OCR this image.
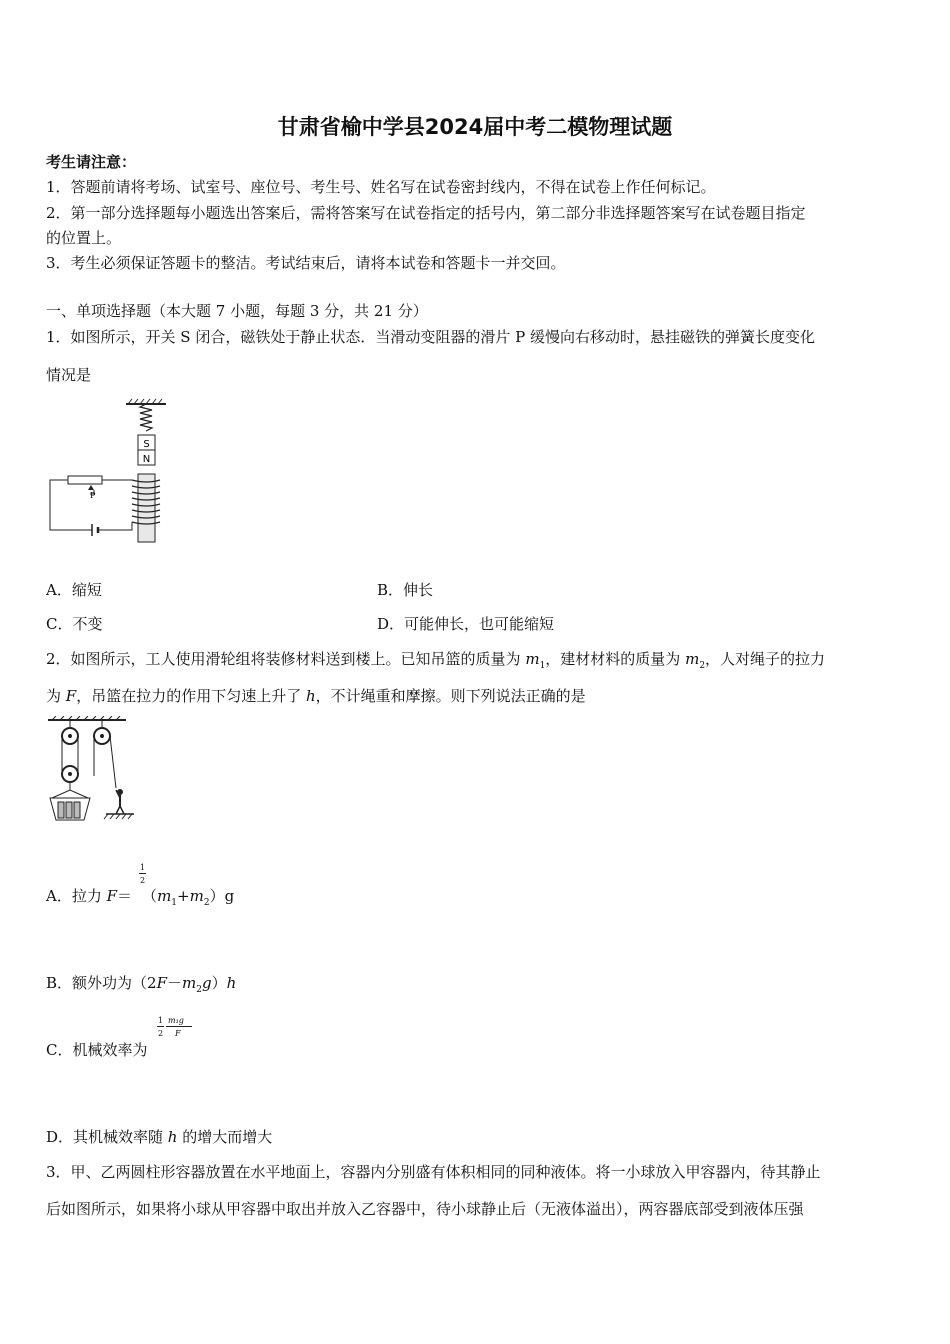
甘肃省榆中学县2024届中考二模物理试题
考生请注意：
1．答题前请将考场、试室号、座位号、考生号、姓名写在试卷密封线内，不得在试卷上作任何标记。
2．第一部分选择题每小题选出答案后，需将答案写在试卷指定的括号内，第二部分非选择题答案写在试卷题目指定
的位置上。
3．考生必须保证答题卡的整洁。考试结束后，请将本试卷和答题卡一并交回。
一、单项选择题（本大题 7 小题，每题 3 分，共 21 分）
1．如图所示，开关 S 闭合，磁铁处于静止状态．当滑动变阻器的滑片 P 缓慢向右移动时，悬挂磁铁的弹簧长度变化
情况是
S
N
P
A．缩短	B．伸长
C．不变	D．可能伸长，也可能缩短
2．如图所示，工人使用滑轮组将装修材料送到楼上。已知吊篮的质量为 $m_1$，建材材料的质量为 $m_2$，人对绳子的拉力
为 F，吊篮在拉力的作用下匀速上升了 h，不计绳重和摩擦。则下列说法正确的是
A．拉力 $F= (m_1+m_2)g$
1
2
B．额外功为$(2F-m_2g)h$
C．机械效率为
1
2
m₁g
F
D．其机械效率随 h 的增大而增大
3．甲、乙两圆柱形容器放置在水平地面上，容器内分别盛有体积相同的同种液体。将一小球放入甲容器内，待其静止
后如图所示，如果将小球从甲容器中取出并放入乙容器中，待小球静止后（无液体溢出），两容器底部受到液体压强
